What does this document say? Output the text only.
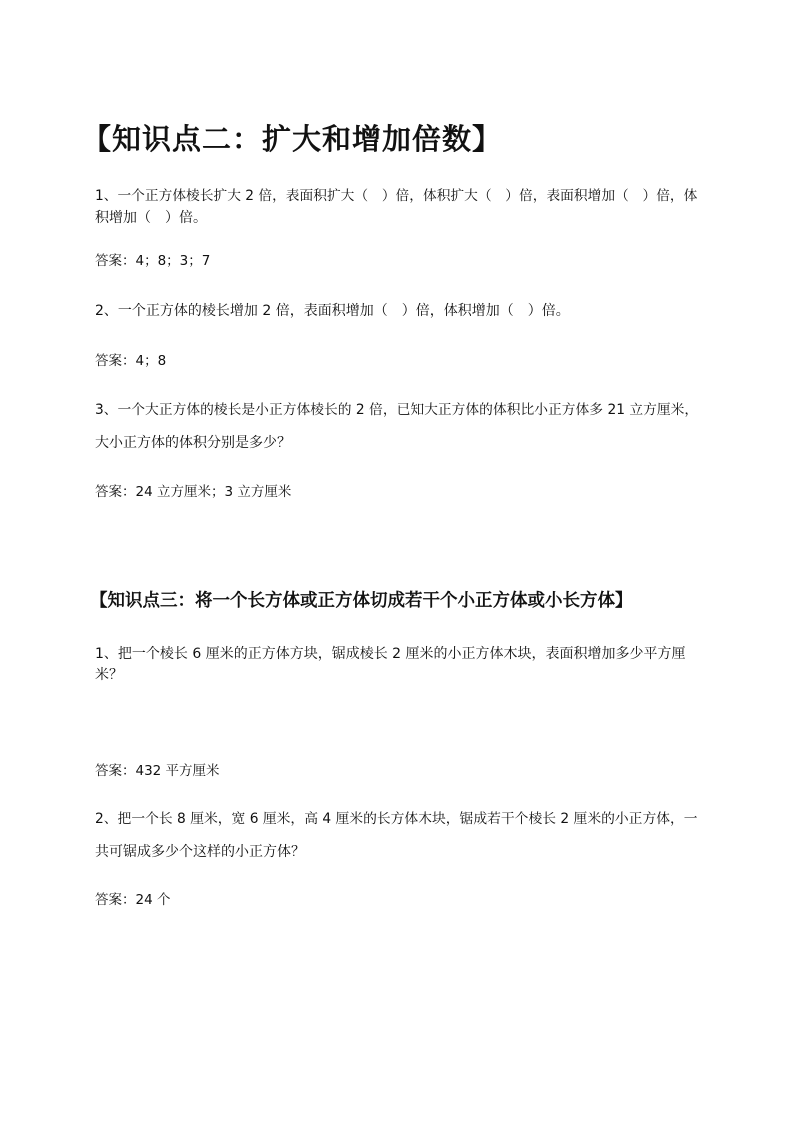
【知识点二：扩大和增加倍数】

1、一个正方体棱长扩大 2 倍，表面积扩大（　）倍，体积扩大（　）倍，表面积增加（　）倍，体

积增加（　）倍。

答案：4；8；3；7

2、一个正方体的棱长增加 2 倍，表面积增加（　）倍，体积增加（　）倍。

答案：4；8

3、一个大正方体的棱长是小正方体棱长的 2 倍，已知大正方体的体积比小正方体多 21 立方厘米，

大小正方体的体积分别是多少？

答案：24 立方厘米；3 立方厘米

【知识点三：将一个长方体或正方体切成若干个小正方体或小长方体】

1、把一个棱长 6 厘米的正方体方块，锯成棱长 2 厘米的小正方体木块，表面积增加多少平方厘

米？

答案：432 平方厘米

2、把一个长 8 厘米，宽 6 厘米，高 4 厘米的长方体木块，锯成若干个棱长 2 厘米的小正方体，一

共可锯成多少个这样的小正方体？

答案：24 个
